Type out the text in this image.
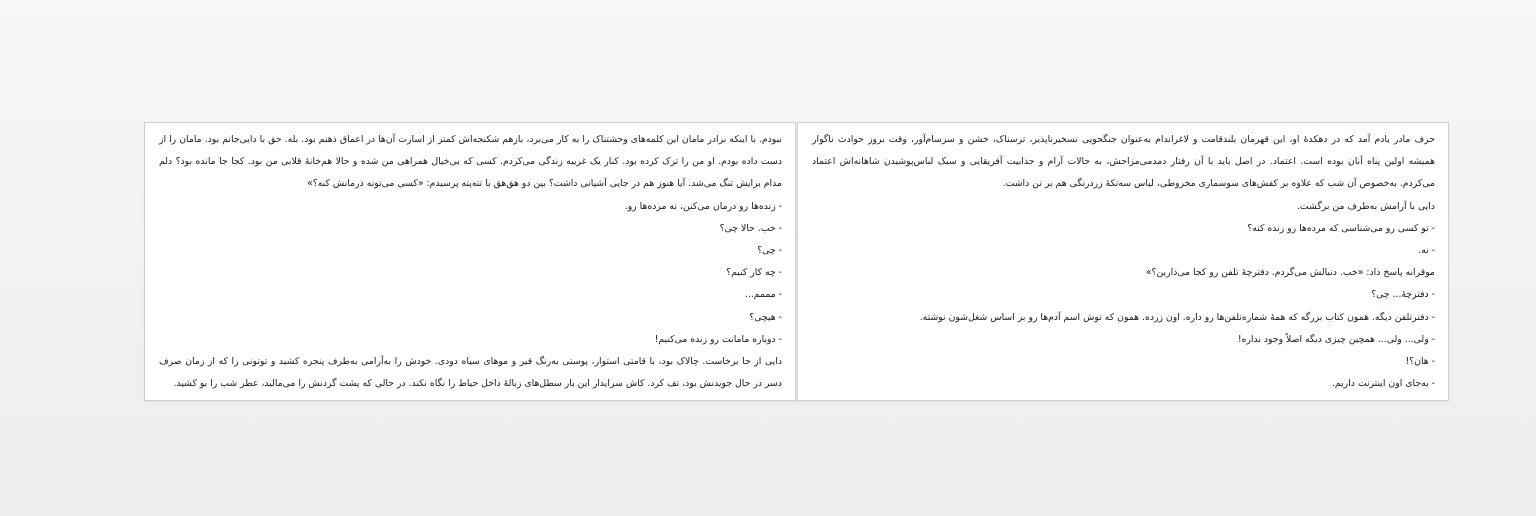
نبودم. با اینکه برادر مامان این کلمه‌های وحشتناک را به کار می‌برد، بازهم شکنجه‌اش کمتر از اسارت آن‌ها در اعماق ذهنم بود. بله. حق با دایی‌جانم بود. مامان را از دست داده بودم. او من را ترک کرده بود. کنار یک غریبه زندگی می‌کردم. کسی که بی‌خیال همراهی من شده و حالا هم‌خانهٔ قلابی من بود. کجا جا مانده بود؟ دلم مدام برایش تنگ می‌شد. آیا هنوز هم در جایی آشیانی داشت؟ بین دو هق‌هق با تته‌پته پرسیدم: «کسی می‌تونه درمانش کنه؟»

- زنده‌ها رو درمان می‌کنن، نه مرده‌ها رو.

- خب. حالا چی؟

- چی؟

- چه کار کنیم؟

- مممم...

- هیچی؟

- دوباره مامانت رو زنده می‌کنیم!

دایی از جا برخاست. چالاک بود، با قامتی استوار، پوستی به‌رنگ قیر و موهای سیاه دودی. خودش را به‌آرامی به‌طرف پنجره کشید و توتونی را که از زمان صرف دسر در حال جویدنش بود، تف کرد. کاش سرایدار این بار سطل‌های زبالهٔ داخل حیاط را نگاه نکند. در حالی که پشت گردنش را می‌مالید، عطر شب را بو کشید.

حرف مادر یادم آمد که در دهکدهٔ او، این قهرمان بلندقامت و لاغراندام به‌عنوان جنگجویی تسخیرناپذیر، ترسناک، خشن و سرسام‌آور، وقت بروز حوادث ناگوار همیشه اولین پناه آنان بوده است. اعتماد. در اصل باید با آن رفتار دمدمی‌مزاجش، به حالات آرام و جذابیت آفریقایی و سبک لباس‌پوشیدن شاهانه‌اش اعتماد می‌کردم. به‌خصوص آن شب که علاوه بر کفش‌های سوسماری مخروطی، لباس سه‌تکهٔ زردرنگی هم بر تن داشت.

دایی با آرامش به‌طرف من برگشت.

- تو کسی رو می‌شناسی که مرده‌ها رو زنده کنه؟

- نه.

موقرانه پاسخ داد: «خب. دنبالش می‌گردم. دفترچهٔ تلفن رو کجا می‌ذارین؟»

- دفترچهٔ... چی؟

- دفترتلفن دیگه. همون کتاب بزرگه که همهٔ شماره‌تلفن‌ها رو داره. اون زرده. همون که توش اسم آدم‌ها رو بر اساس شغل‌شون نوشته.

- ولی... ولی... همچین چیزی دیگه اصلاً وجود نداره!

- هان؟!

- به‌جای اون اینترنت داریم.
